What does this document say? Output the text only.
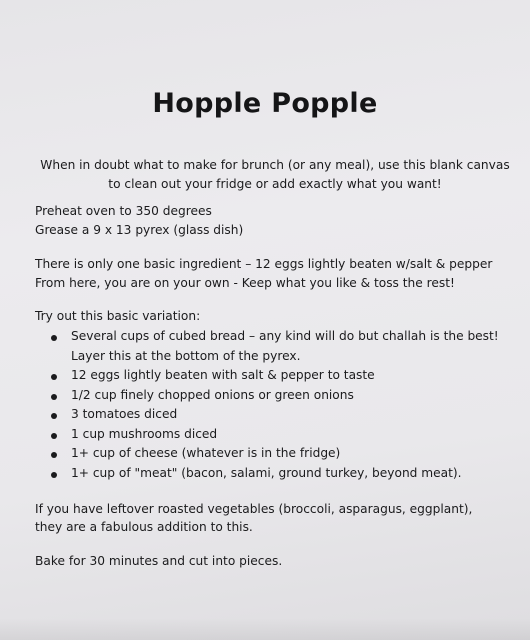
Hopple Popple
When in doubt what to make for brunch (or any meal), use this blank canvas to clean out your fridge or add exactly what you want!
Preheat oven to 350 degrees
Grease a 9 x 13 pyrex (glass dish)
There is only one basic ingredient – 12 eggs lightly beaten w/salt & pepper
From here, you are on your own - Keep what you like & toss the rest!
Try out this basic variation:
Several cups of cubed bread – any kind will do but challah is the best! Layer this at the bottom of the pyrex.
12 eggs lightly beaten with salt & pepper to taste
1/2 cup finely chopped onions or green onions
3 tomatoes diced
1 cup mushrooms diced
1+ cup of cheese (whatever is in the fridge)
1+ cup of "meat" (bacon, salami, ground turkey, beyond meat).
If you have leftover roasted vegetables (broccoli, asparagus, eggplant),
they are a fabulous addition to this.
Bake for 30 minutes and cut into pieces.
